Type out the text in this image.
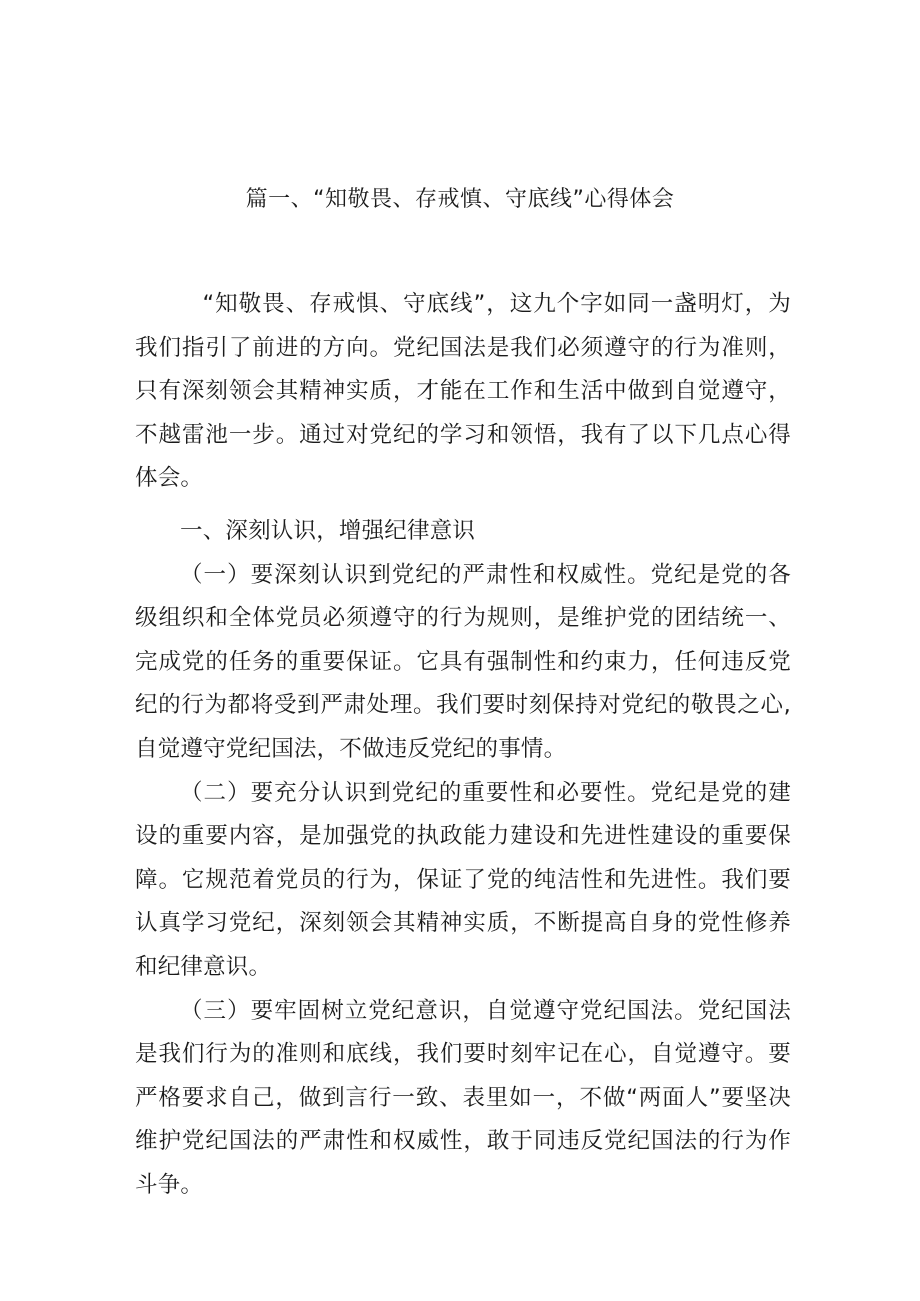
篇一、“知敬畏、存戒慎、守底线”心得体会

“知敬畏、存戒惧、守底线”，这九个字如同一盏明灯，为我们指引了前进的方向。党纪国法是我们必须遵守的行为准则，只有深刻领会其精神实质，才能在工作和生活中做到自觉遵守，不越雷池一步。通过对党纪的学习和领悟，我有了以下几点心得体会。

一、深刻认识，增强纪律意识

（一）要深刻认识到党纪的严肃性和权威性。党纪是党的各级组织和全体党员必须遵守的行为规则，是维护党的团结统一、完成党的任务的重要保证。它具有强制性和约束力，任何违反党纪的行为都将受到严肃处理。我们要时刻保持对党纪的敬畏之心,自觉遵守党纪国法，不做违反党纪的事情。

（二）要充分认识到党纪的重要性和必要性。党纪是党的建设的重要内容，是加强党的执政能力建设和先进性建设的重要保障。它规范着党员的行为，保证了党的纯洁性和先进性。我们要认真学习党纪，深刻领会其精神实质，不断提高自身的党性修养和纪律意识。

（三）要牢固树立党纪意识，自觉遵守党纪国法。党纪国法是我们行为的准则和底线，我们要时刻牢记在心，自觉遵守。要严格要求自己，做到言行一致、表里如一，不做“两面人”要坚决维护党纪国法的严肃性和权威性，敢于同违反党纪国法的行为作斗争。
